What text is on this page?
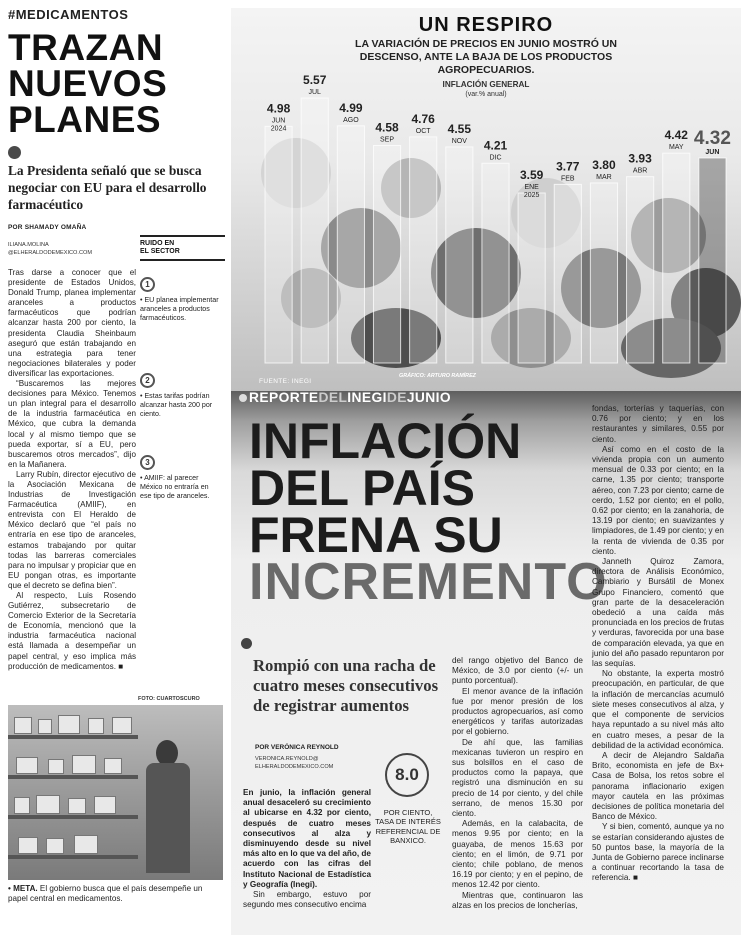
#MEDICAMENTOS
TRAZAN
NUEVOS
PLANES
La Presidenta señaló que se busca negociar con EU para el desarrollo farmacéutico
POR SHAMADY OMAÑA
ILIANA.MOLINA
@ELHERALDODEMEXICO.COM

Tras darse a conocer que el presidente de Estados Unidos, Donald Trump, planea implementar aranceles a productos farmacéuticos que podrían alcanzar hasta 200 por ciento, la presidenta Claudia Sheinbaum aseguró que están trabajando en una estrategia para tener negociaciones bilaterales y poder diversificar las exportaciones.

“Buscaremos las mejores decisiones para México. Tenemos un plan integral para el desarrollo de la industria farmacéutica en México, que cubra la demanda local y al mismo tiempo que se pueda exportar, sí a EU, pero buscaremos otros mercados”, dijo en la Mañanera.

Larry Rubín, director ejecutivo de la Asociación Mexicana de Industrias de Investigación Farmacéutica (AMIIF), en entrevista con El Heraldo de México declaró que “el país no entraría en ese tipo de aranceles, estamos trabajando por quitar todas las barreras comerciales para no impulsar y propiciar que en EU pongan otras, es importante que el decreto se defina bien”.

Al respecto, Luis Rosendo Gutiérrez, subsecretario de Comercio Exterior de la Secretaría de Economía, mencionó que la industria farmacéutica nacional está llamada a desempeñar un papel central, y eso implica más producción de medicamentos. ■

RUIDO EN
EL SECTOR
1
• EU planea implementar aranceles a productos farmacéuticos.
2
• Estas tarifas podrían alcanzar hasta 200 por ciento.
3
• AMIIF: al parecer México no entraría en ese tipo de aranceles.
FOTO: CUARTOSCURO
• META. El gobierno busca que el país desempeñe un papel central en medicamentos.
4.98
JUN
2024
5.57
JUL
4.99
AGO
4.58
SEP
4.76
OCT 4.55
NOV 4.21
DIC
3.59
ENE
2025
3.77
FEB
3.80
MAR
3.93
ABR
4.42
MAY 4.32
JUN
UN RESPIRO
LA VARIACIÓN DE PRECIOS EN JUNIO MOSTRÓ UN DESCENSO, ANTE LA BAJA DE LOS PRODUCTOS AGROPECUARIOS.
INFLACIÓN GENERAL
(var.% anual)
FUENTE: INEGI
GRÁFICO: ARTURO RAMÍREZ
REPORTEDELINEGIDEJUNIO
INFLACIÓN
DEL PAÍS
FRENA SU
INCREMENTO
Rompió con una racha de cuatro meses consecutivos de registrar aumentos
POR VERÓNICA REYNOLD
VERONICA.REYNOLD@
ELHERALDODEMEXICO.COM	8.0
POR CIENTO, TASA DE INTERÉS REFERENCIAL DE BANXICO.

En junio, la inflación general anual desaceleró su crecimiento al ubicarse en 4.32 por ciento, después de cuatro meses consecutivos al alza y disminuyendo desde su nivel más alto en lo que va del año, de acuerdo con las cifras del Instituto Nacional de Estadística y Geografía (Inegi).

Sin embargo, estuvo por segundo mes consecutivo encima

del rango objetivo del Banco de México, de 3.0 por ciento (+/- un punto porcentual).

El menor avance de la inflación fue por menor presión de los productos agropecuarios, así como energéticos y tarifas autorizadas por el gobierno.

De ahí que, las familias mexicanas tuvieron un respiro en sus bolsillos en el caso de productos como la papaya, que registró una disminución en su precio de 14 por ciento, y del chile serrano, de menos 15.30 por ciento.

Además, en la calabacita, de menos 9.95 por ciento; en la guayaba, de menos 15.63 por ciento; en el limón, de 9.71 por ciento; chile poblano, de menos 16.19 por ciento; y en el pepino, de menos 12.42 por ciento.

Mientras que, continuaron las alzas en los precios de loncherías,

fondas, torterías y taquerías, con 0.76 por ciento; y en los restaurantes y similares, 0.55 por ciento.

Así como en el costo de la vivienda propia con un aumento mensual de 0.33 por ciento; en la carne, 1.35 por ciento; transporte aéreo, con 7.23 por ciento; carne de cerdo, 1.52 por ciento; en el pollo, 0.62 por ciento; en la zanahoria, de 13.19 por ciento; en suavizantes y limpiadores, de 1.49 por ciento; y en la renta de vivienda de 0.35 por ciento.

Janneth Quiroz Zamora, directora de Análisis Económico, Cambiario y Bursátil de Monex Grupo Financiero, comentó que gran parte de la desaceleración obedeció a una caída más pronunciada en los precios de frutas y verduras, favorecida por una base de comparación elevada, ya que en junio del año pasado repuntaron por las sequías.

No obstante, la experta mostró preocupación, en particular, de que la inflación de mercancías acumuló siete meses consecutivos al alza, y que el componente de servicios haya repuntado a su nivel más alto en cuatro meses, a pesar de la debilidad de la actividad económica.

A decir de Alejandro Saldaña Brito, economista en jefe de Bx+ Casa de Bolsa, los retos sobre el panorama inflacionario exigen mayor cautela en las próximas decisiones de política monetaria del Banco de México.

Y si bien, comentó, aunque ya no se estarían considerando ajustes de 50 puntos base, la mayoría de la Junta de Gobierno parece inclinarse a continuar recortando la tasa de referencia. ■
